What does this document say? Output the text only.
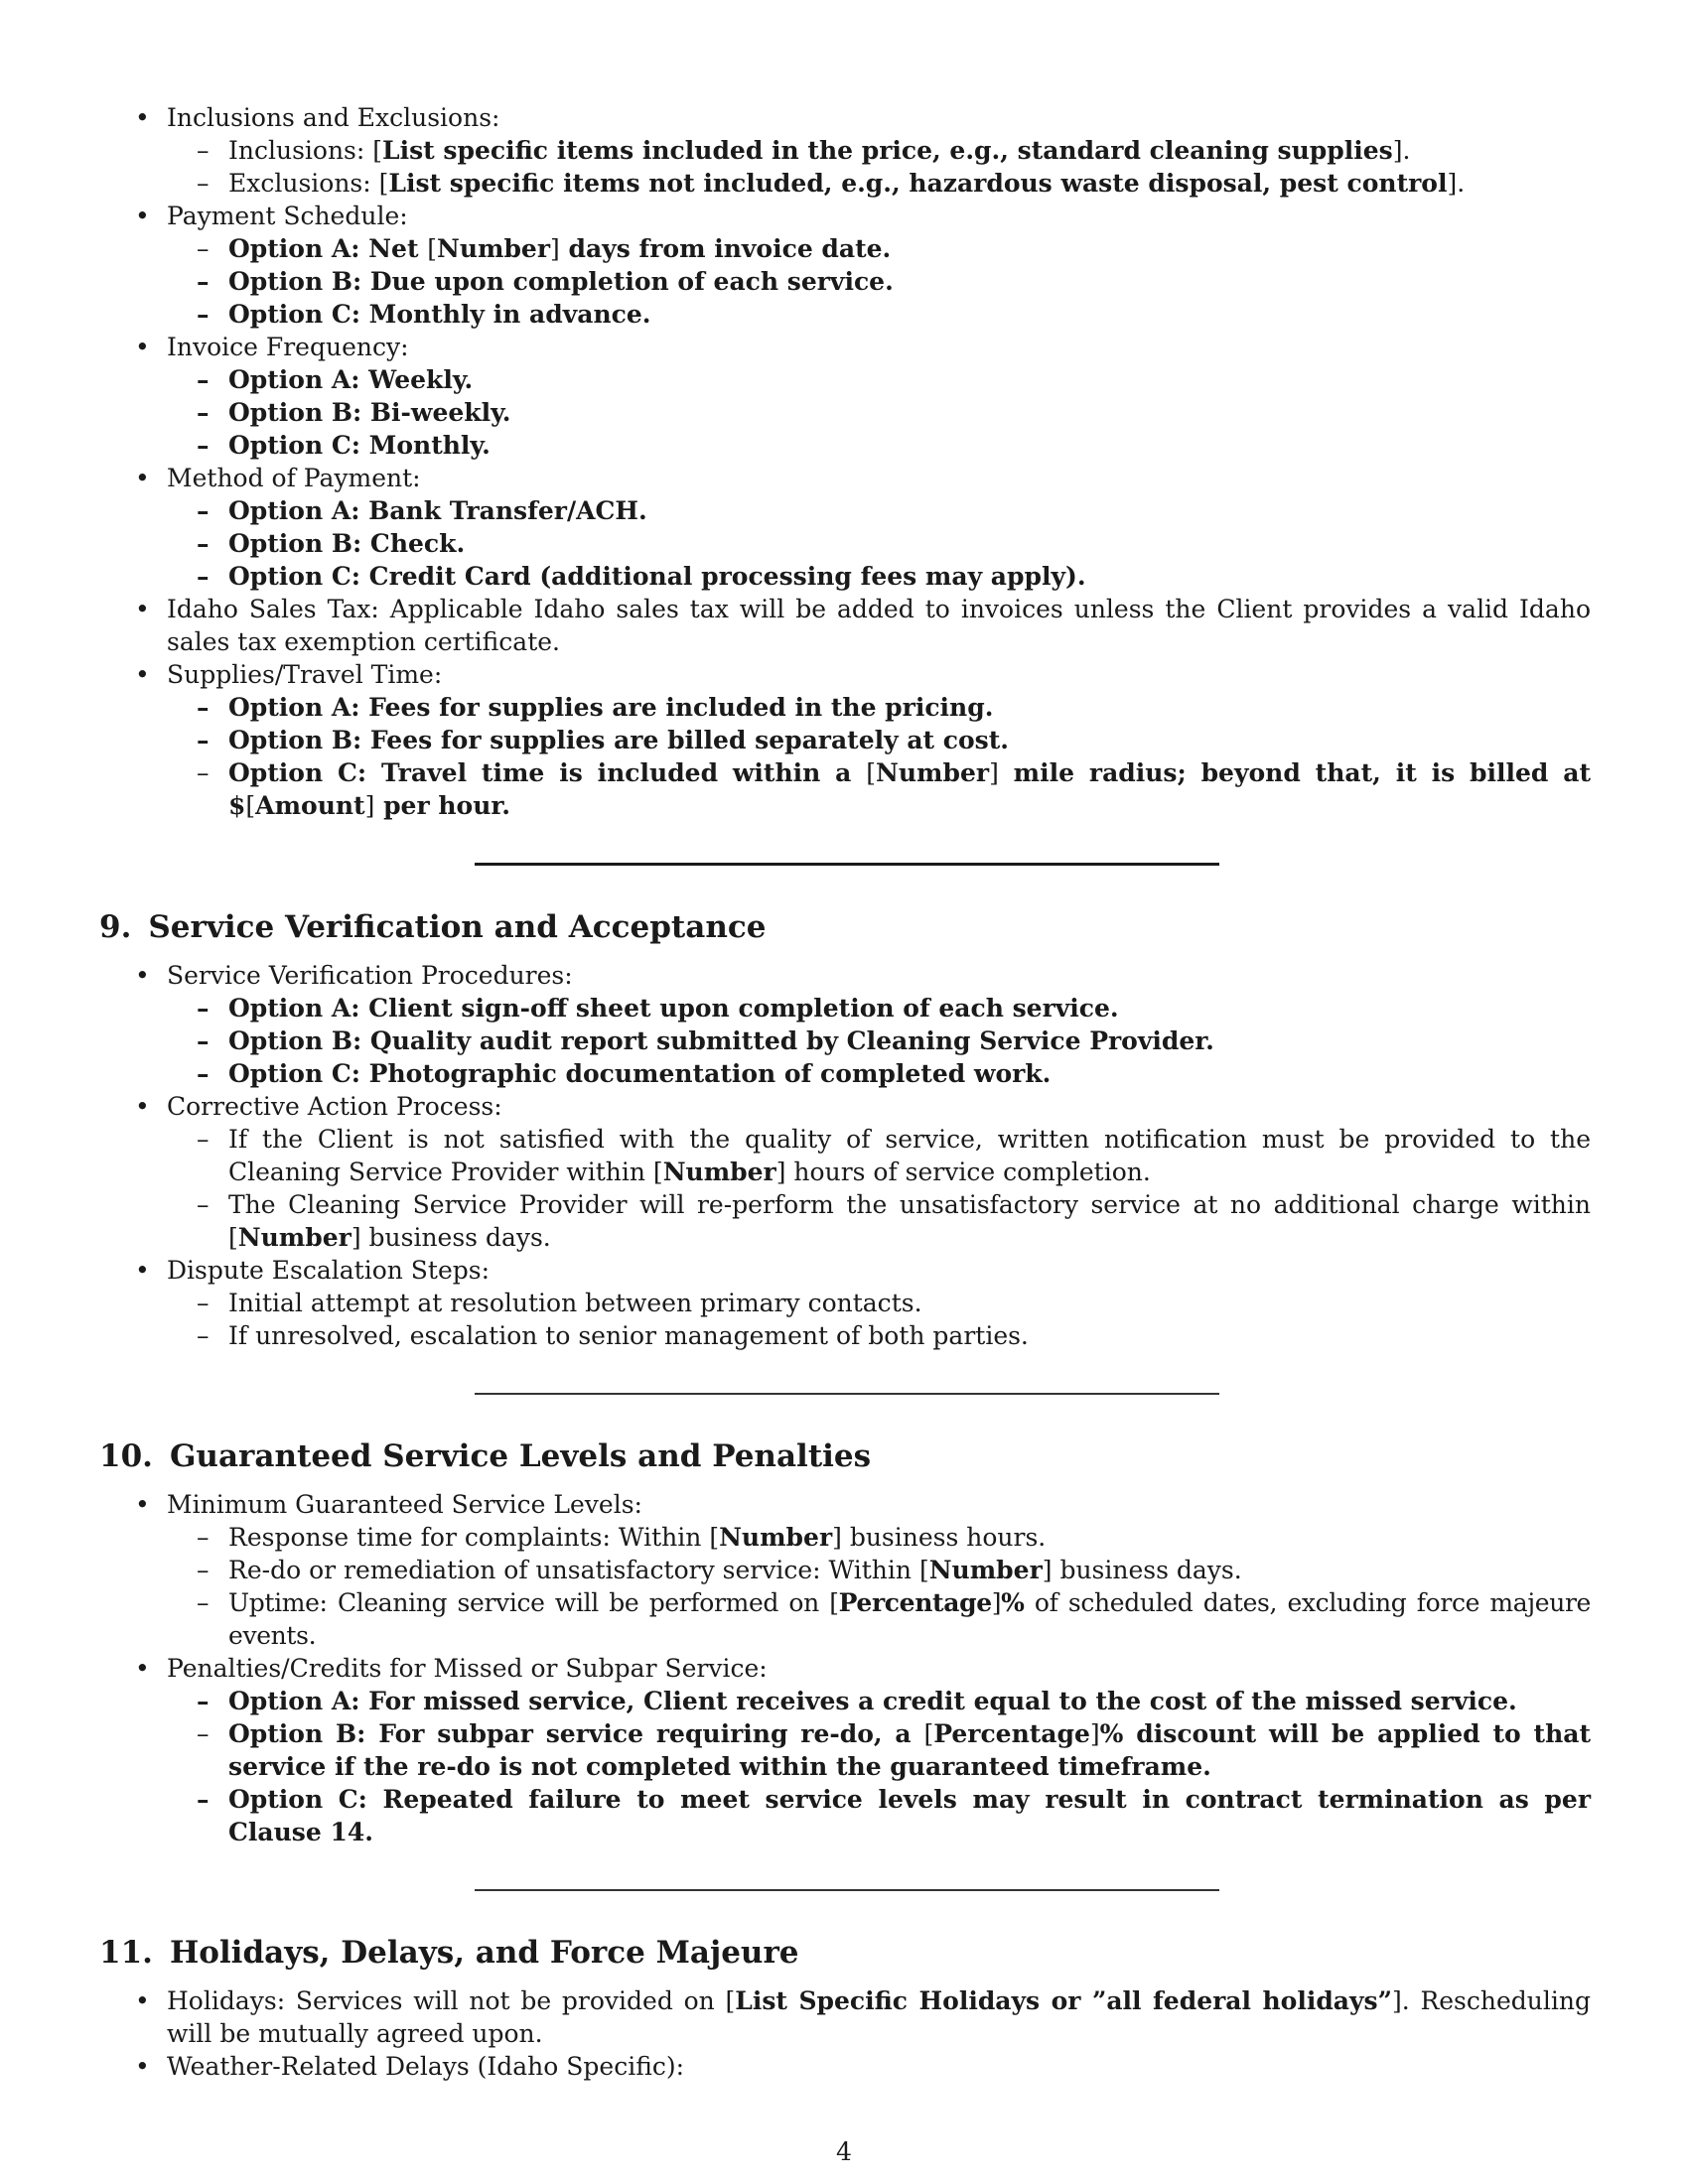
• Inclusions and Exclusions:
– Inclusions: [List specific items included in the price, e.g., standard cleaning supplies].
– Exclusions: [List specific items not included, e.g., hazardous waste disposal, pest control].
• Payment Schedule:
– Option A: Net [Number] days from invoice date.
– Option B: Due upon completion of each service.
– Option C: Monthly in advance.
• Invoice Frequency:
– Option A: Weekly.
– Option B: Bi-weekly.
– Option C: Monthly.
• Method of Payment:
– Option A: Bank Transfer/ACH.
– Option B: Check.
– Option C: Credit Card (additional processing fees may apply).
• Idaho Sales Tax: Applicable Idaho sales tax will be added to invoices unless the Client provides a valid Idaho sales tax exemption certificate.
• Supplies/Travel Time:
– Option A: Fees for supplies are included in the pricing.
– Option B: Fees for supplies are billed separately at cost.
– Option C: Travel time is included within a [Number] mile radius; beyond that, it is billed at $[Amount] per hour.
9. Service Verification and Acceptance
• Service Verification Procedures:
– Option A: Client sign-off sheet upon completion of each service.
– Option B: Quality audit report submitted by Cleaning Service Provider.
– Option C: Photographic documentation of completed work.
• Corrective Action Process:
– If the Client is not satisfied with the quality of service, written notification must be provided to the Cleaning Service Provider within [Number] hours of service completion.
– The Cleaning Service Provider will re-perform the unsatisfactory service at no additional charge within [Number] business days.
• Dispute Escalation Steps:
– Initial attempt at resolution between primary contacts.
– If unresolved, escalation to senior management of both parties.
10. Guaranteed Service Levels and Penalties
• Minimum Guaranteed Service Levels:
– Response time for complaints: Within [Number] business hours.
– Re-do or remediation of unsatisfactory service: Within [Number] business days.
– Uptime: Cleaning service will be performed on [Percentage]% of scheduled dates, excluding force majeure events.
• Penalties/Credits for Missed or Subpar Service:
– Option A: For missed service, Client receives a credit equal to the cost of the missed service.
– Option B: For subpar service requiring re-do, a [Percentage]% discount will be applied to that service if the re-do is not completed within the guaranteed timeframe.
– Option C: Repeated failure to meet service levels may result in contract termination as per Clause 14.
11. Holidays, Delays, and Force Majeure
• Holidays: Services will not be provided on [List Specific Holidays or ”all federal holidays”]. Rescheduling will be mutually agreed upon.
• Weather-Related Delays (Idaho Specific):
4
